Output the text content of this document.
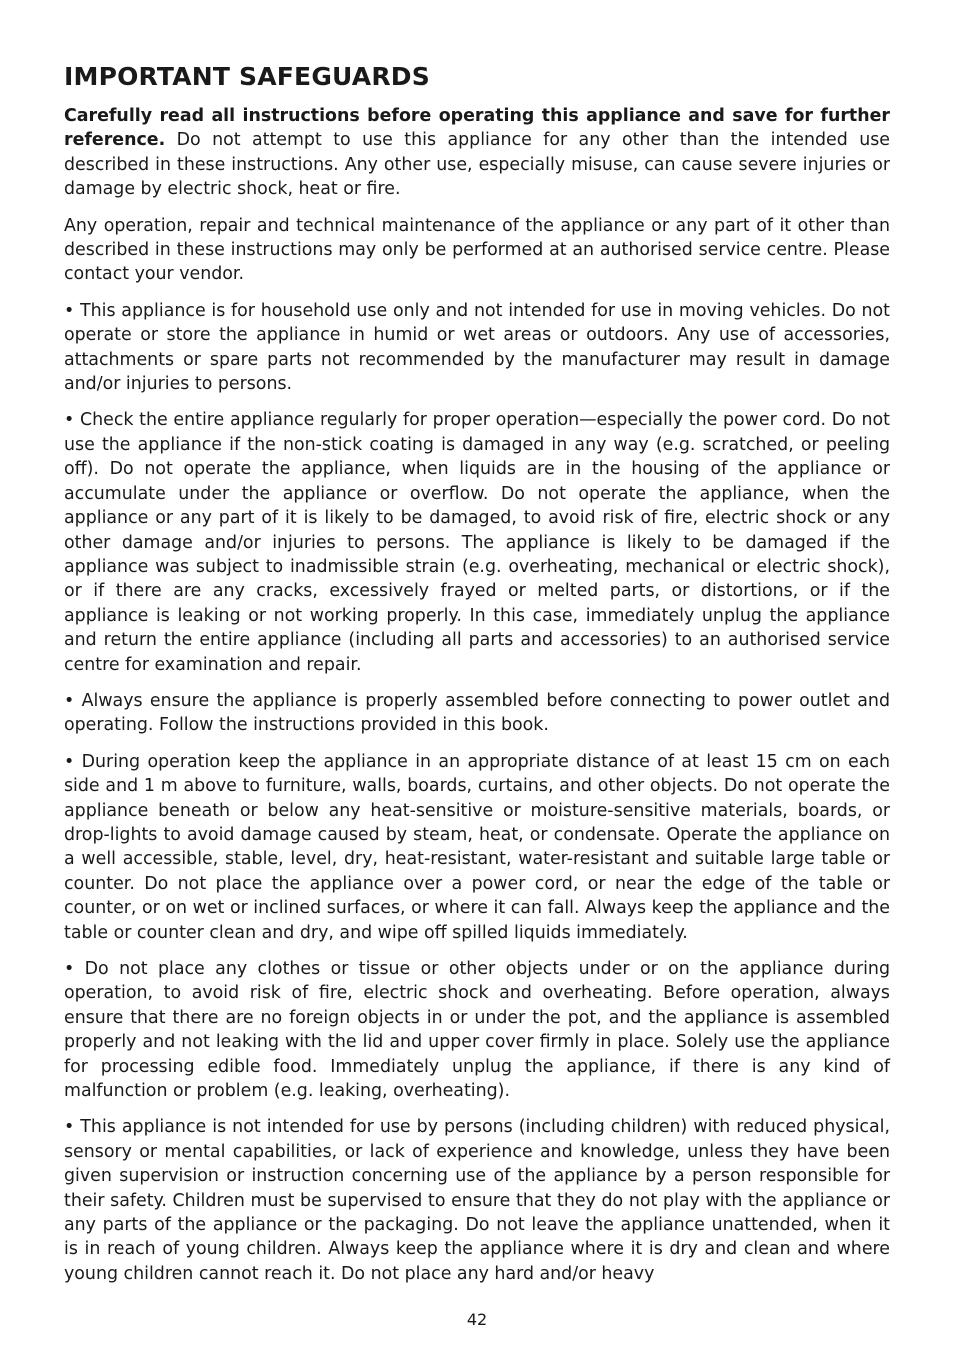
IMPORTANT SAFEGUARDS

Carefully read all instructions before operating this appliance and save for further reference. Do not attempt to use this appliance for any other than the intended use described in these instructions. Any other use, especially misuse, can cause severe injuries or damage by electric shock, heat or fire.

Any operation, repair and technical maintenance of the appliance or any part of it other than described in these instructions may only be performed at an authorised service centre. Please contact your vendor.

• This appliance is for household use only and not intended for use in moving vehicles. Do not operate or store the appliance in humid or wet areas or outdoors. Any use of accessories, attachments or spare parts not recommended by the manufacturer may result in damage and/or injuries to persons.

• Check the entire appliance regularly for proper operation—especially the power cord. Do not use the appliance if the non-stick coating is damaged in any way (e.g. scratched, or peeling off). Do not operate the appliance, when liquids are in the housing of the appliance or accumulate under the appliance or overflow. Do not operate the appliance, when the appliance or any part of it is likely to be damaged, to avoid risk of fire, electric shock or any other damage and/or injuries to persons. The appliance is likely to be damaged if the appliance was subject to inadmissible strain (e.g. overheating, mechanical or electric shock), or if there are any cracks, excessively frayed or melted parts, or distortions, or if the appliance is leaking or not working properly. In this case, immediately unplug the appliance and return the entire appliance (including all parts and accessories) to an authorised service centre for examination and repair.

• Always ensure the appliance is properly assembled before connecting to power outlet and operating. Follow the instructions provided in this book.

• During operation keep the appliance in an appropriate distance of at least 15 cm on each side and 1 m above to furniture, walls, boards, curtains, and other objects. Do not operate the appliance beneath or below any heat-sensitive or moisture-sensitive materials, boards, or drop-lights to avoid damage caused by steam, heat, or condensate. Operate the appliance on a well accessible, stable, level, dry, heat-resistant, water-resistant and suitable large table or counter. Do not place the appliance over a power cord, or near the edge of the table or counter, or on wet or inclined surfaces, or where it can fall. Always keep the appliance and the table or counter clean and dry, and wipe off spilled liquids immediately.

• Do not place any clothes or tissue or other objects under or on the appliance during operation, to avoid risk of fire, electric shock and overheating. Before operation, always ensure that there are no foreign objects in or under the pot, and the appliance is assembled properly and not leaking with the lid and upper cover firmly in place. Solely use the appliance for processing edible food. Immediately unplug the appliance, if there is any kind of malfunction or problem (e.g. leaking, overheating).

• This appliance is not intended for use by persons (including children) with reduced physical, sensory or mental capabilities, or lack of experience and knowledge, unless they have been given supervision or instruction concerning use of the appliance by a person responsible for their safety. Children must be supervised to ensure that they do not play with the appliance or any parts of the appliance or the packaging. Do not leave the appliance unattended, when it is in reach of young children. Always keep the appliance where it is dry and clean and where young children cannot reach it. Do not place any hard and/or heavy

42
